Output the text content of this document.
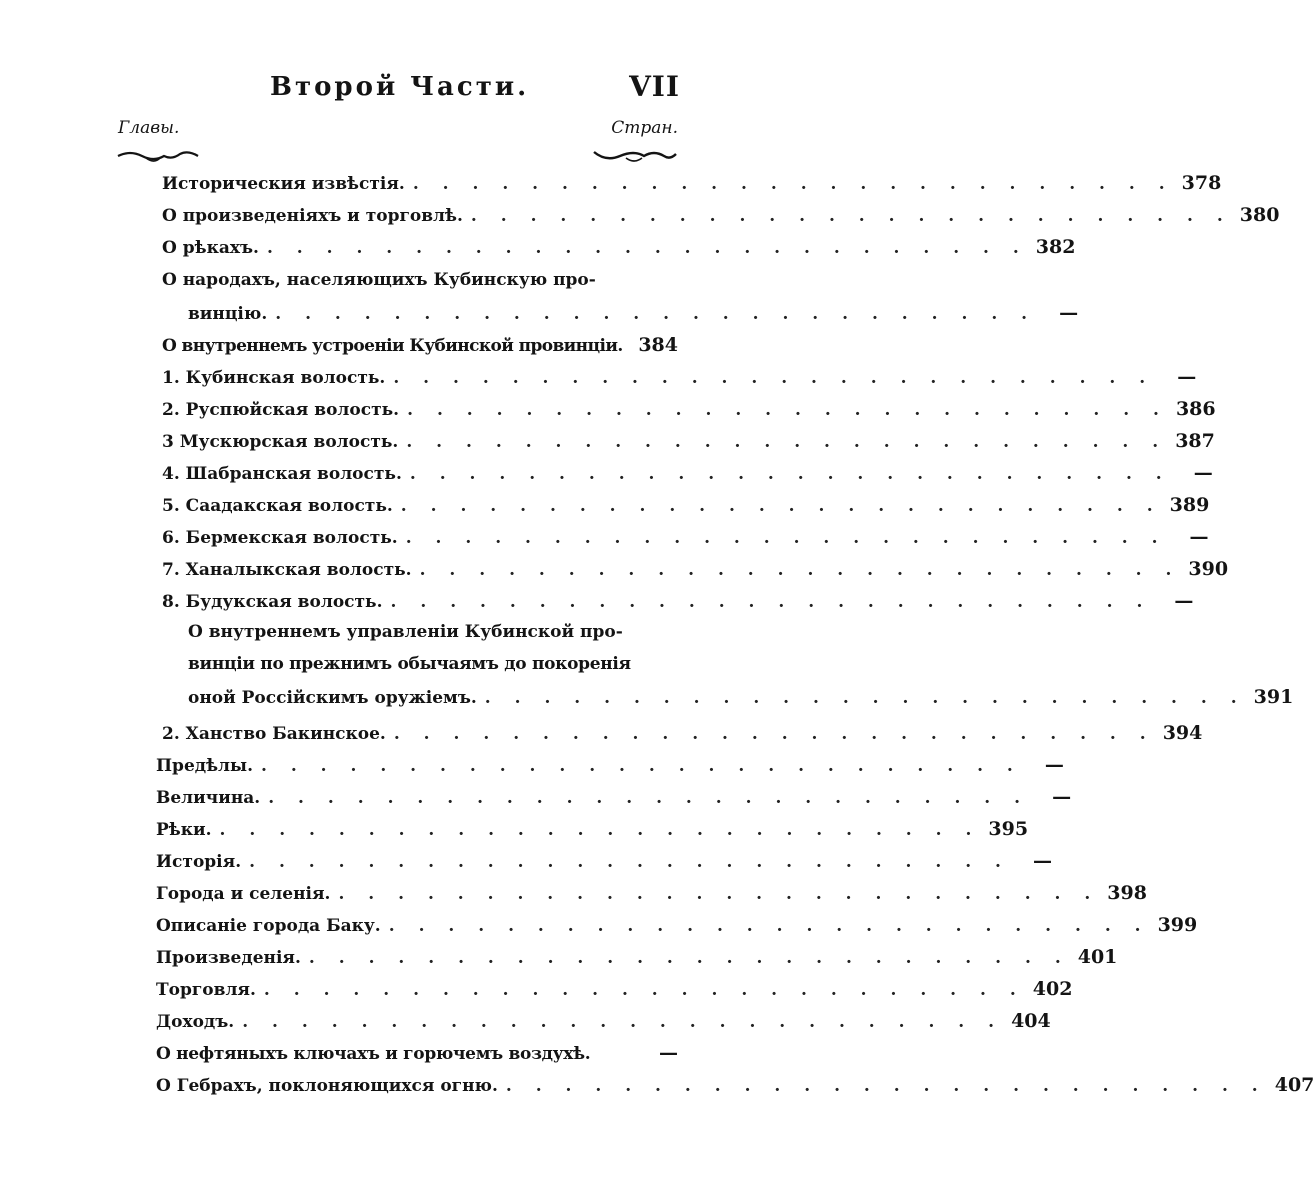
Второй Части.	VII
Главы.	Стран.
Историческия извѣстія. . . . . . . . . . . . . . . . . . . . . . . . . . . 378
О произведеніяхъ и торговлѣ. . . . . . . . . . . . . . . . . . . . . . . . . . . 380
О рѣкахъ. . . . . . . . . . . . . . . . . . . . . . . . . . . 382
О народахъ, населяющихъ Кубинскую про-
винцію. . . . . . . . . . . . . . . . . . . . . . . . . . .	—
О внутреннемъ устроеніи Кубинской провинціи. 384
1. Кубинская волость. . . . . . . . . . . . . . . . . . . . . . . . . . .	—
2. Руспюйская волость. . . . . . . . . . . . . . . . . . . . . . . . . . . 386
3 Мускюрская волость. . . . . . . . . . . . . . . . . . . . . . . . . . . 387
4. Шабранская волость. . . . . . . . . . . . . . . . . . . . . . . . . . .	—
5. Саадакская волость. . . . . . . . . . . . . . . . . . . . . . . . . . . 389
6. Бермекская волость. . . . . . . . . . . . . . . . . . . . . . . . . . .	—
7. Ханалыкская волость. . . . . . . . . . . . . . . . . . . . . . . . . . . 390
8. Будукская волость. . . . . . . . . . . . . . . . . . . . . . . . . . .	—
О внутреннемъ управленіи Кубинской про-
винціи по прежнимъ обычаямъ до покоренія
оной Россійскимъ оружіемъ. . . . . . . . . . . . . . . . . . . . . . . . . . . 391
2. Ханство Бакинское. . . . . . . . . . . . . . . . . . . . . . . . . . . 394
Предѣлы. . . . . . . . . . . . . . . . . . . . . . . . . . .	—
Величина. . . . . . . . . . . . . . . . . . . . . . . . . . .	—
Рѣки. . . . . . . . . . . . . . . . . . . . . . . . . . . 395
Исторія. . . . . . . . . . . . . . . . . . . . . . . . . . .	—
Города и селенія. . . . . . . . . . . . . . . . . . . . . . . . . . . 398
Описаніе города Баку. . . . . . . . . . . . . . . . . . . . . . . . . . . 399
Произведенія. . . . . . . . . . . . . . . . . . . . . . . . . . . 401
Торговля. . . . . . . . . . . . . . . . . . . . . . . . . . . 402
Доходъ. . . . . . . . . . . . . . . . . . . . . . . . . . . 404
О нефтяныхъ ключахъ и горючемъ воздухѣ.	—
О Гебрахъ, поклоняющихся огню. . . . . . . . . . . . . . . . . . . . . . . . . . . 407
